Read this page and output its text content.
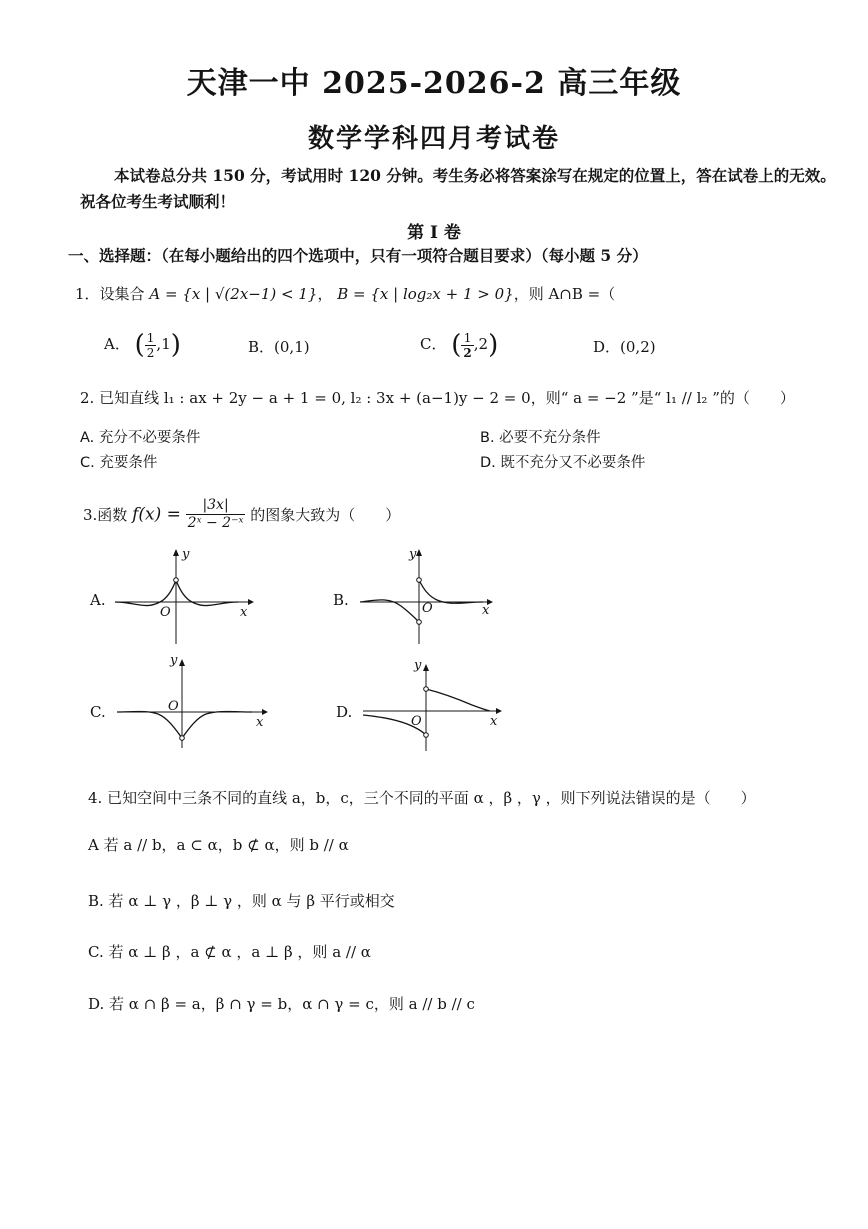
天津一中 2025-2026-2 高三年级
数学学科四月考试卷
本试卷总分共 150 分，考试用时 120 分钟。考生务必将答案涂写在规定的位置上，答在试卷上的无效。祝各位考生考试顺利！
第 I 卷
一、选择题：（在每小题给出的四个选项中，只有一项符合题目要求）（每小题 5 分）
1．设集合 A = {x | √(2x−1) < 1}， B = {x | log₂x + 1 > 0}，则 A∩B =（
A． ( $\frac{1}{2} ,1$)	B．(0,1)	C． ( $\frac{1}{2} ,2$)	D．(0,2)
2. 已知直线 l₁ : ax + 2y − a + 1 = 0, l₂ : 3x + (a−1)y − 2 = 0，则“ a = −2 ”是“ l₁ // l₂ ”的（　　）
A. 充分不必要条件	B. 必要不充分条件
C. 充要条件	D. 既不充分又不必要条件
3.函数 $f(x) = \frac{|3x|}{\text{2ˣ − 2⁻ˣ}}$ 的图象大致为（　　）
A.
y
x
O
B.
y
x
O
C.
y
x
O	D.
y
x
O
4. 已知空间中三条不同的直线 a，b，c，三个不同的平面 α ，β ，γ ，则下列说法错误的是（　　）
A 若 a // b，a ⊂ α，b ⊄ α，则 b // α
B. 若 α ⊥ γ ，β ⊥ γ ，则 α 与 β 平行或相交
C. 若 α ⊥ β ，a ⊄ α ，a ⊥ β ，则 a // α
D. 若 α ∩ β = a，β ∩ γ = b，α ∩ γ = c，则 a // b // c
